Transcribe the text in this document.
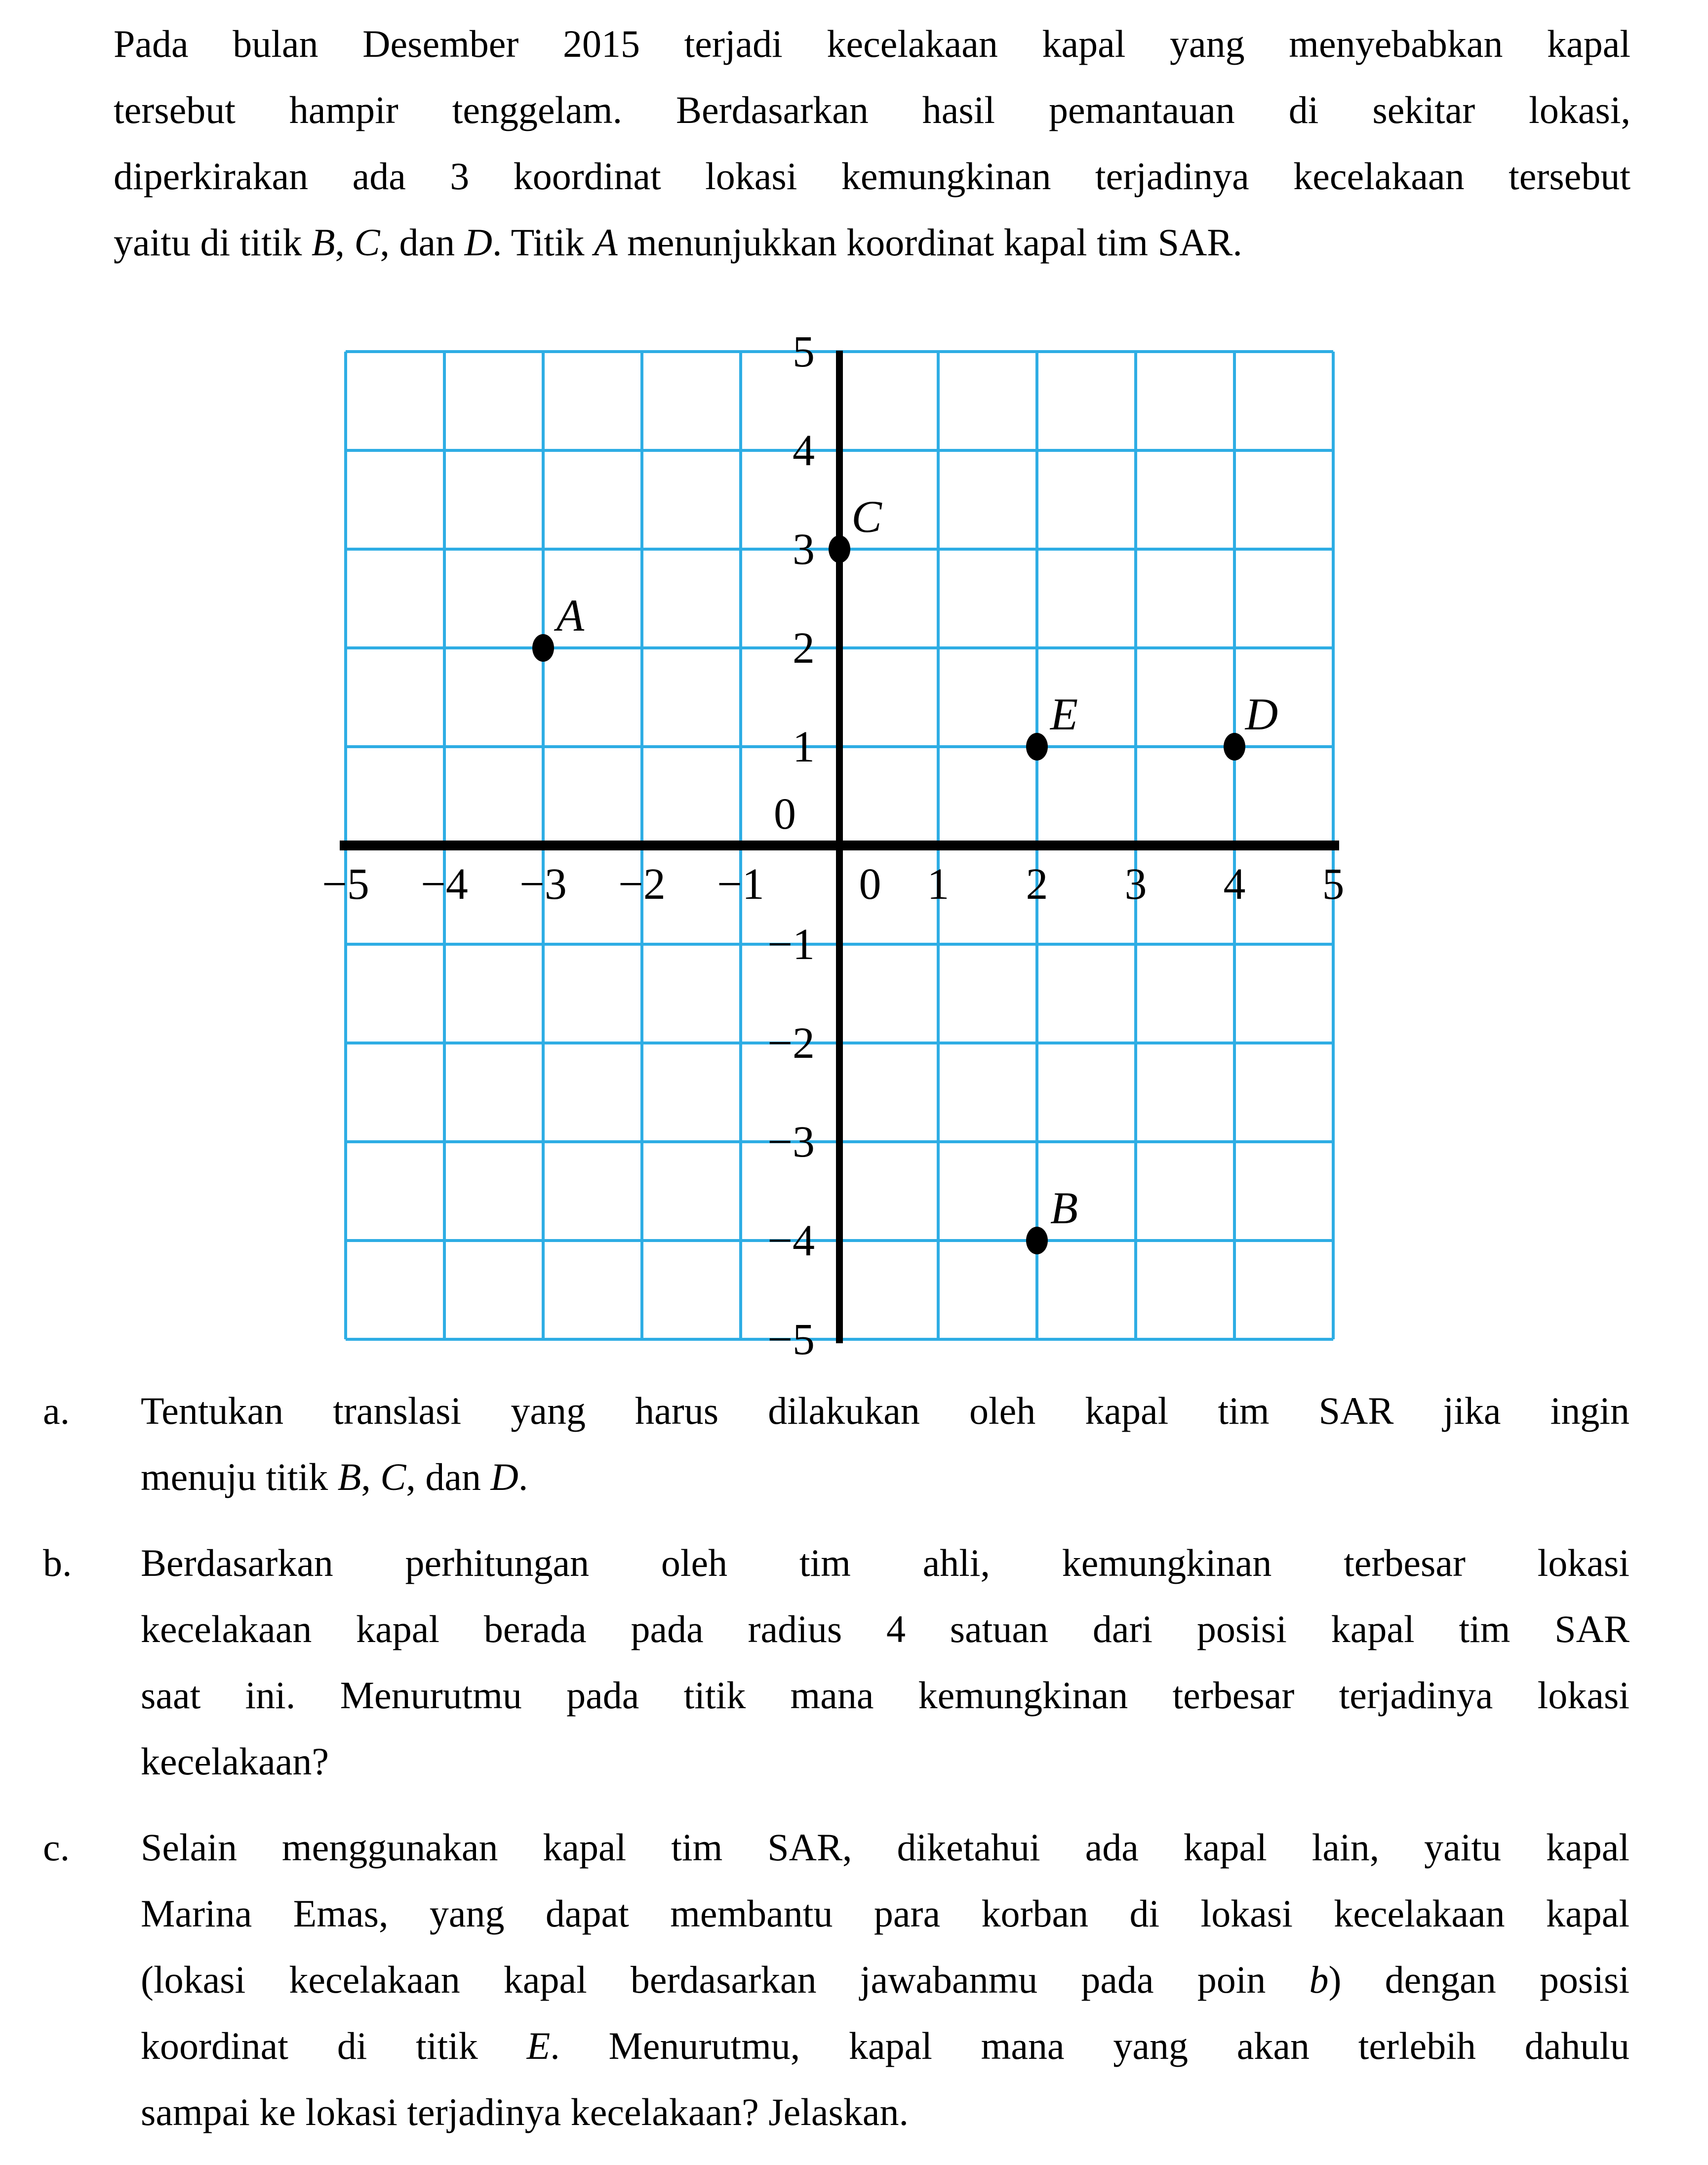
Pada bulan Desember 2015 terjadi kecelakaan kapal yang menyebabkan kapal
tersebut hampir tenggelam. Berdasarkan hasil pemantauan di sekitar lokasi,
diperkirakan ada 3 koordinat lokasi kemungkinan terjadinya kecelakaan tersebut
yaitu di titik B, C, dan D. Titik A menunjukkan koordinat kapal tim SAR.
−5 −4 −3 −2 −1 0 1 2 3 4 5
5
4
3
2
1
0
−1
−2
−3
−4
−5
A
B
C
D
E
a. Tentukan translasi yang harus dilakukan oleh kapal tim SAR jika ingin
menuju titik B, C, dan D.
b. Berdasarkan perhitungan oleh tim ahli, kemungkinan terbesar lokasi
kecelakaan kapal berada pada radius 4 satuan dari posisi kapal tim SAR
saat ini. Menurutmu pada titik mana kemungkinan terbesar terjadinya lokasi
kecelakaan?
c. Selain menggunakan kapal tim SAR, diketahui ada kapal lain, yaitu kapal
Marina Emas, yang dapat membantu para korban di lokasi kecelakaan kapal
(lokasi kecelakaan kapal berdasarkan jawabanmu pada poin b) dengan posisi
koordinat di titik E. Menurutmu, kapal mana yang akan terlebih dahulu
sampai ke lokasi terjadinya kecelakaan? Jelaskan.
